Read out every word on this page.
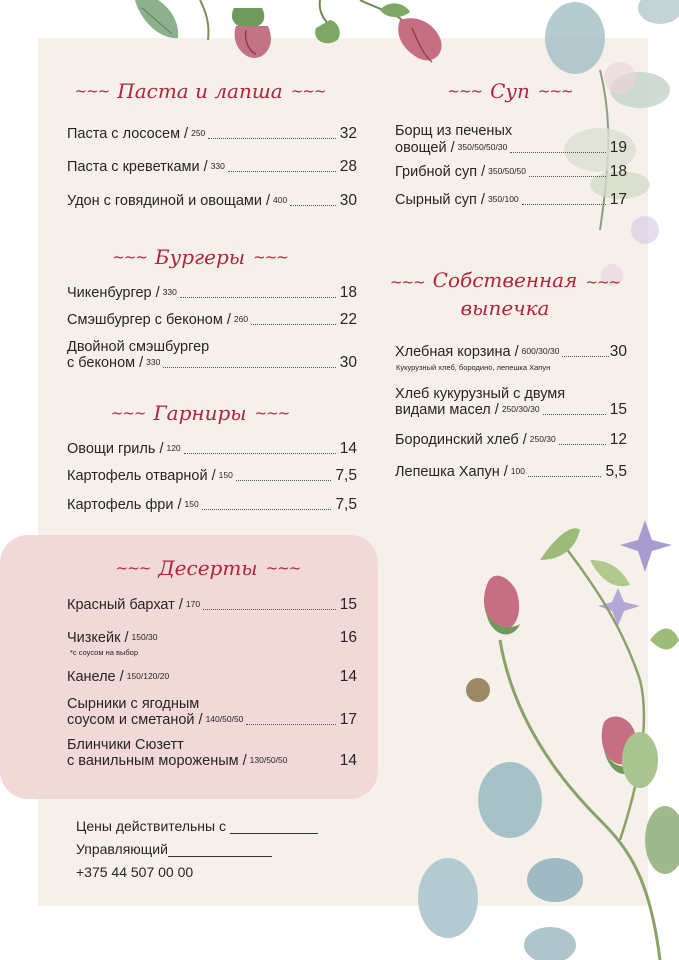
~~~ Паста и лапша ~~~
Паста с лососем / 250	32
Паста с креветками / 330	28
Удон с говядиной и овощами / 400	30
~~~ Бургеры ~~~
Чикенбургер / 330	18
Смэшбургер с беконом / 260	22
Двойной смэшбургер
с беконом / 330	30
~~~ Гарниры ~~~
Овощи гриль / 120	14
Картофель отварной / 150	7,5
Картофель фри / 150	7,5
~~~ Десерты ~~~
Красный бархат / 170	15
Чизкейк / 150/30	16
*с соусом на выбор
Канеле / 150/120/20	14
Сырники с ягодным
соусом и сметаной / 140/50/50	17
Блинчики Сюзетт
с ванильным мороженым / 130/50/50	14
~~~ Суп ~~~
Борщ из печеных
овощей / 350/50/50/30	19
Грибной суп / 350/50/50	18
Сырный суп / 350/100	17
~~~ Собственная ~~~
выпечка
Хлебная корзина / 600/30/30	30
Кукурузный хлеб, бородино, лепешка Хапун
Хлеб кукурузный с двумя
видами масел / 250/30/30	15
Бородинский хлеб / 250/30	12
Лепешка Хапун / 100	5,5
Цены действительны с
Управляющий
+375 44 507 00 00
